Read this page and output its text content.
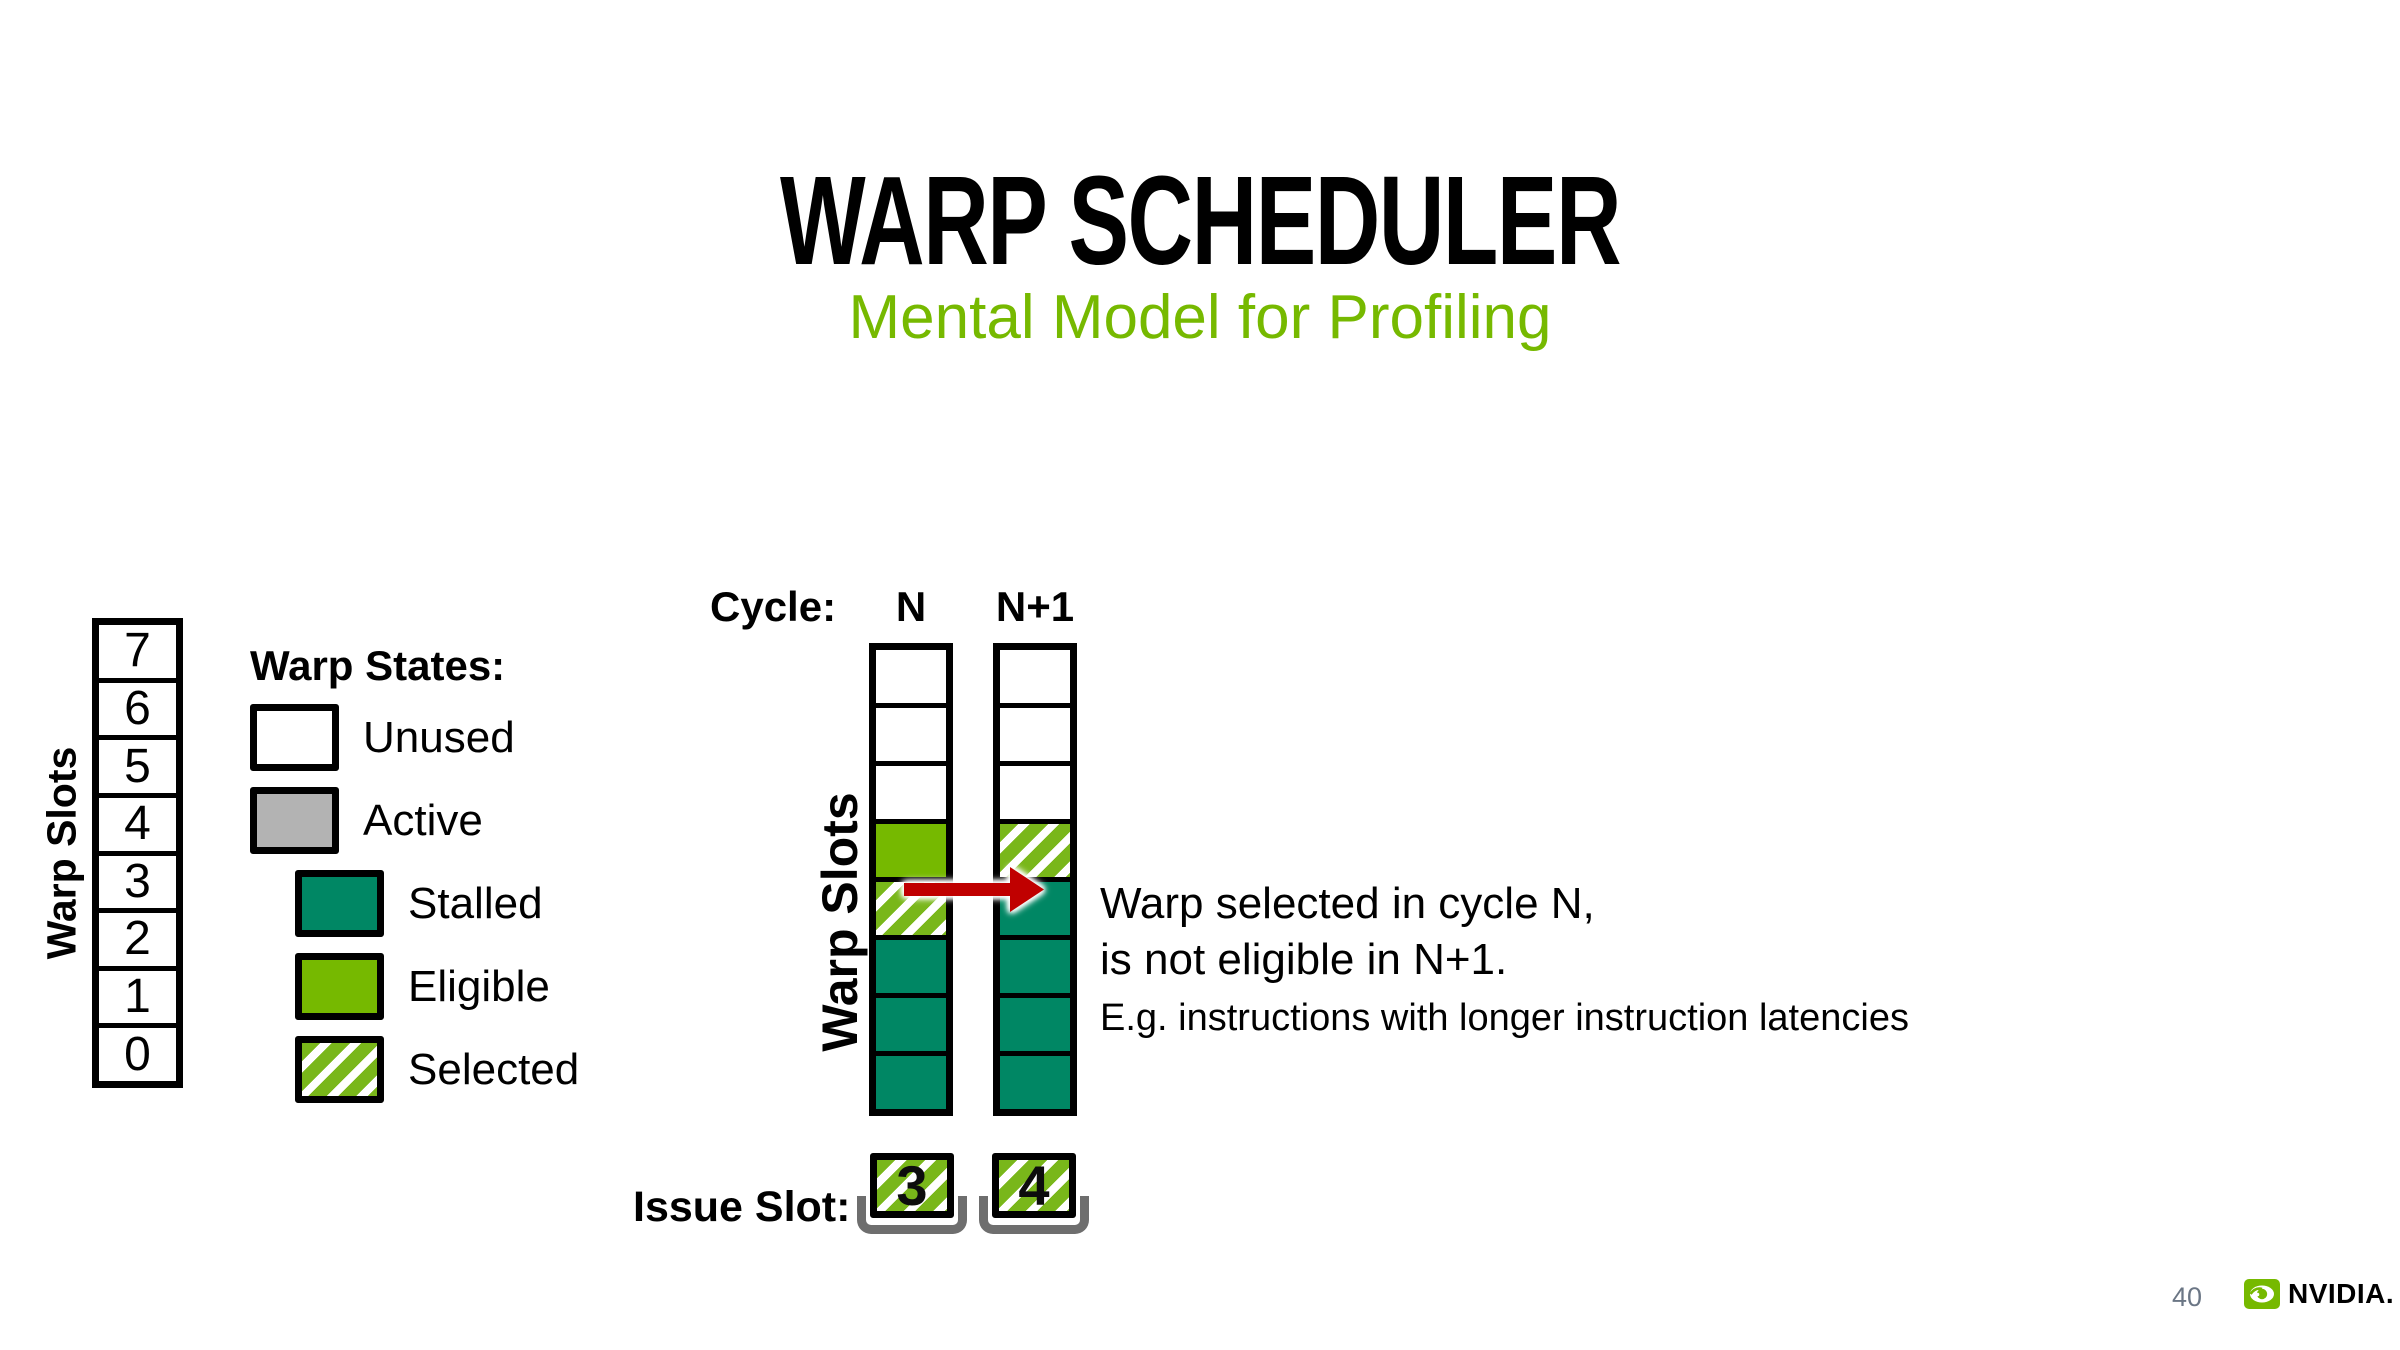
WARP SCHEDULER
Mental Model for Profiling
Warp Slots
7
6
5
4
3
2
1
0
Warp States:
Unused
Active
Stalled
Eligible
Selected
Cycle:	N	N+1
Warp Slots	Warp selected in cycle N,
is not eligible in N+1.
E.g. instructions with longer instruction latencies
Issue Slot: 3	4
40	NVIDIA.
